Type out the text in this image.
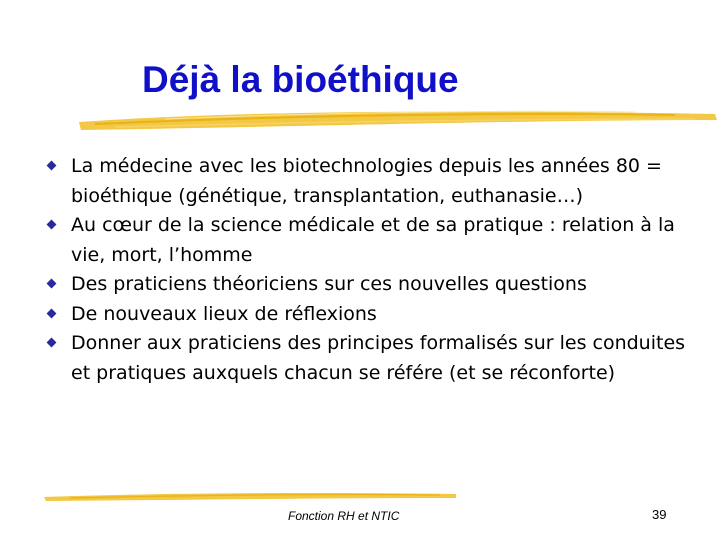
Déjà la bioéthique
La médecine avec les biotechnologies depuis les années 80 = bioéthique (génétique, transplantation, euthanasie…)
Au cœur de la science médicale et de sa pratique : relation à la vie, mort, l’homme
Des praticiens théoriciens sur ces nouvelles questions
De nouveaux lieux de réflexions
Donner aux praticiens des principes formalisés sur les conduites et pratiques auxquels chacun se référe (et se réconforte)
Fonction RH et NTIC	39
